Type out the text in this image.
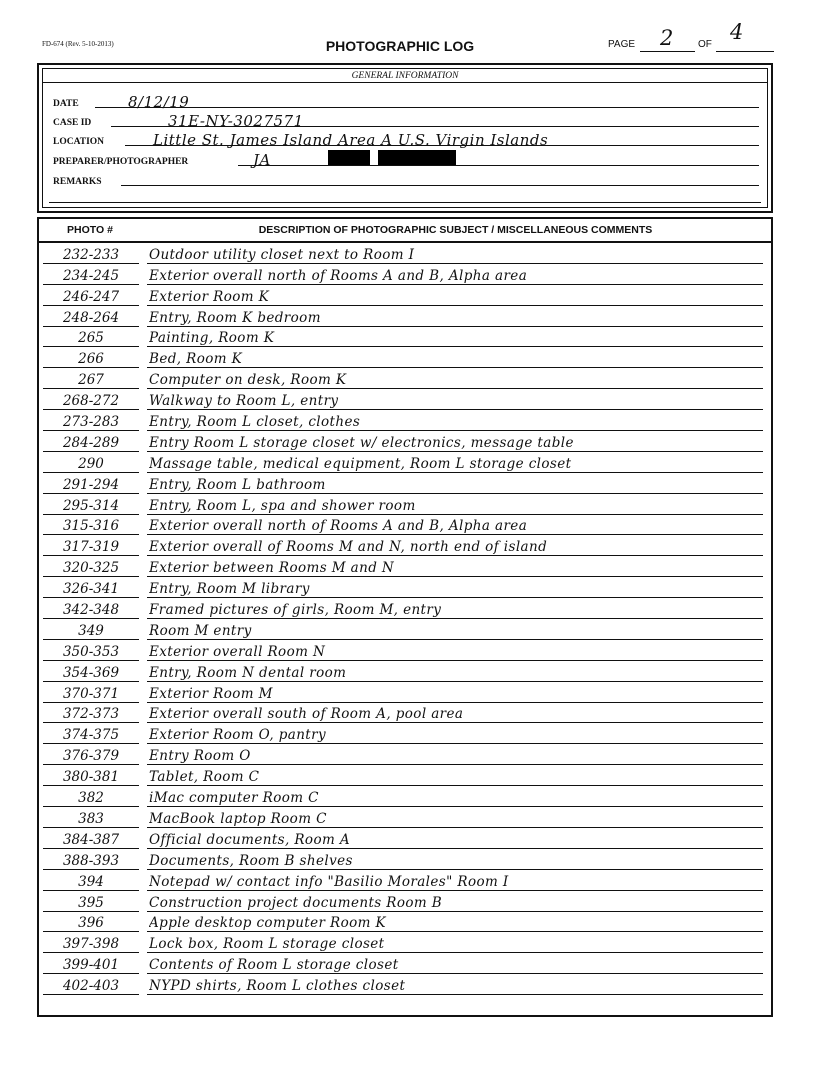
FD-674 (Rev. 5-10-2013)	PHOTOGRAPHIC LOG	PAGE 2 OF
4
GENERAL INFORMATION
DATE	8/12/19
CASE ID	31E-NY-3027571
LOCATION	Little St. James Island Area A U.S. Virgin Islands
PREPARER/PHOTOGRAPHER	JA
REMARKS
PHOTO #	DESCRIPTION OF PHOTOGRAPHIC SUBJECT / MISCELLANEOUS COMMENTS
232-233	Outdoor utility closet next to Room I
234-245	Exterior overall north of Rooms A and B, Alpha area
246-247	Exterior Room K
248-264	Entry, Room K bedroom
265	Painting, Room K
266	Bed, Room K
267	Computer on desk, Room K
268-272	Walkway to Room L, entry
273-283	Entry, Room L closet, clothes
284-289	Entry Room L storage closet w/ electronics, message table
290	Massage table, medical equipment, Room L storage closet
291-294	Entry, Room L bathroom
295-314	Entry, Room L, spa and shower room
315-316	Exterior overall north of Rooms A and B, Alpha area
317-319	Exterior overall of Rooms M and N, north end of island
320-325	Exterior between Rooms M and N
326-341	Entry, Room M library
342-348	Framed pictures of girls, Room M, entry
349	Room M entry
350-353	Exterior overall Room N
354-369	Entry, Room N dental room
370-371	Exterior Room M
372-373	Exterior overall south of Room A, pool area
374-375	Exterior Room O, pantry
376-379	Entry Room O
380-381	Tablet, Room C
382	iMac computer Room C
383	MacBook laptop Room C
384-387	Official documents, Room A
388-393	Documents, Room B shelves
394	Notepad w/ contact info "Basilio Morales" Room I
395	Construction project documents Room B
396	Apple desktop computer Room K
397-398	Lock box, Room L storage closet
399-401	Contents of Room L storage closet
402-403	NYPD shirts, Room L clothes closet
